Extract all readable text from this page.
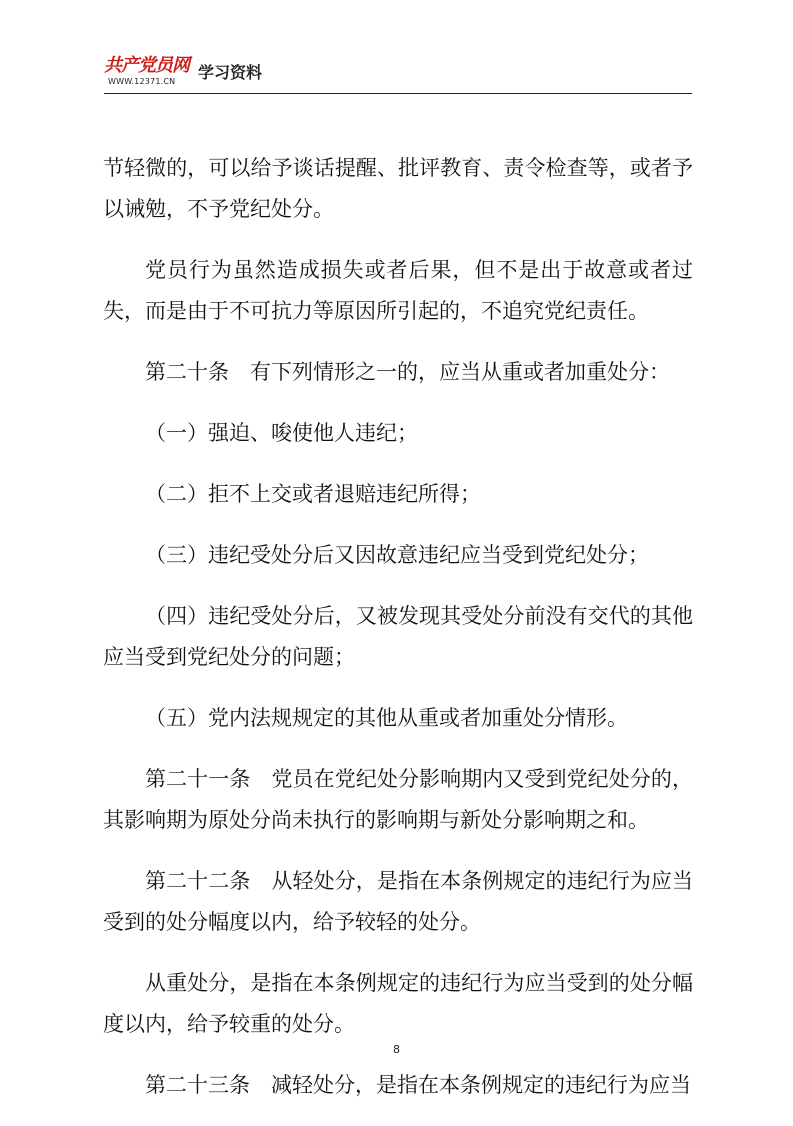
共产党员网
WWW.12371.CN 学习资料

节轻微的，可以给予谈话提醒、批评教育、责令检查等，或者予以诫勉，不予党纪处分。

党员行为虽然造成损失或者后果，但不是出于故意或者过失，而是由于不可抗力等原因所引起的，不追究党纪责任。

第二十条　有下列情形之一的，应当从重或者加重处分：

（一）强迫、唆使他人违纪；

（二）拒不上交或者退赔违纪所得；

（三）违纪受处分后又因故意违纪应当受到党纪处分；

（四）违纪受处分后，又被发现其受处分前没有交代的其他应当受到党纪处分的问题；

（五）党内法规规定的其他从重或者加重处分情形。

第二十一条　党员在党纪处分影响期内又受到党纪处分的，其影响期为原处分尚未执行的影响期与新处分影响期之和。

第二十二条　从轻处分，是指在本条例规定的违纪行为应当受到的处分幅度以内，给予较轻的处分。

从重处分，是指在本条例规定的违纪行为应当受到的处分幅度以内，给予较重的处分。

第二十三条　减轻处分，是指在本条例规定的违纪行为应当

8
